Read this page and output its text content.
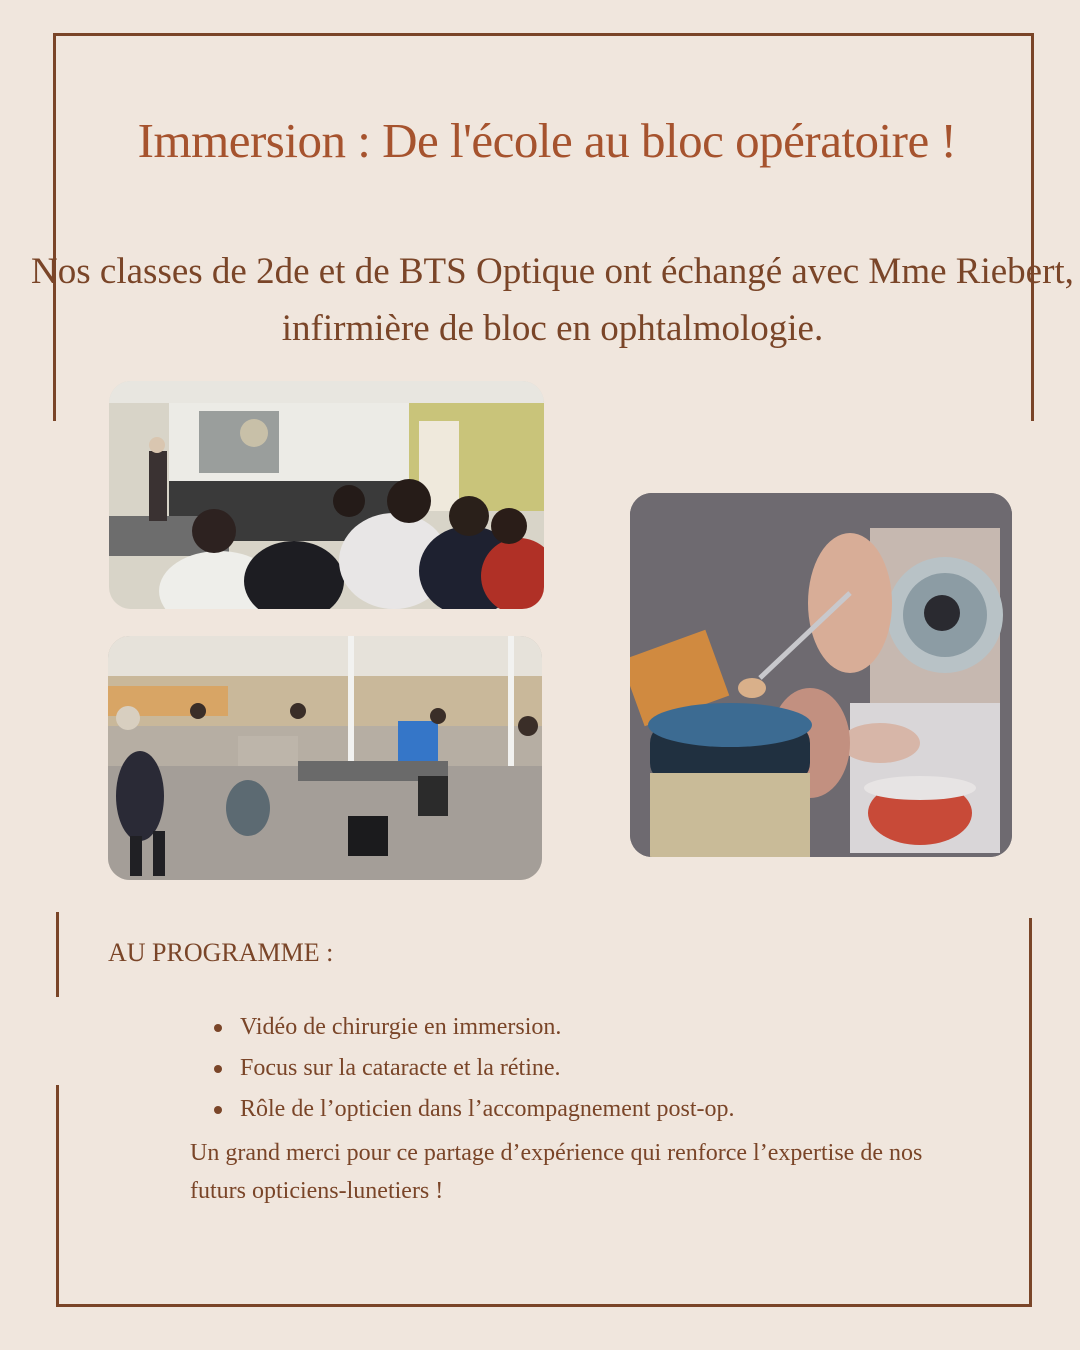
Immersion : De l'école au bloc opératoire !

Nos classes de 2de et de BTS Optique ont échangé avec Mme Riebert, infirmière de bloc en ophtalmologie.

AU PROGRAMME :
Vidéo de chirurgie en immersion.
Focus sur la cataracte et la rétine.
Rôle de l’opticien dans l’accompagnement post-op.

Un grand merci pour ce partage d’expérience qui renforce l’expertise de nos futurs opticiens-lunetiers !
